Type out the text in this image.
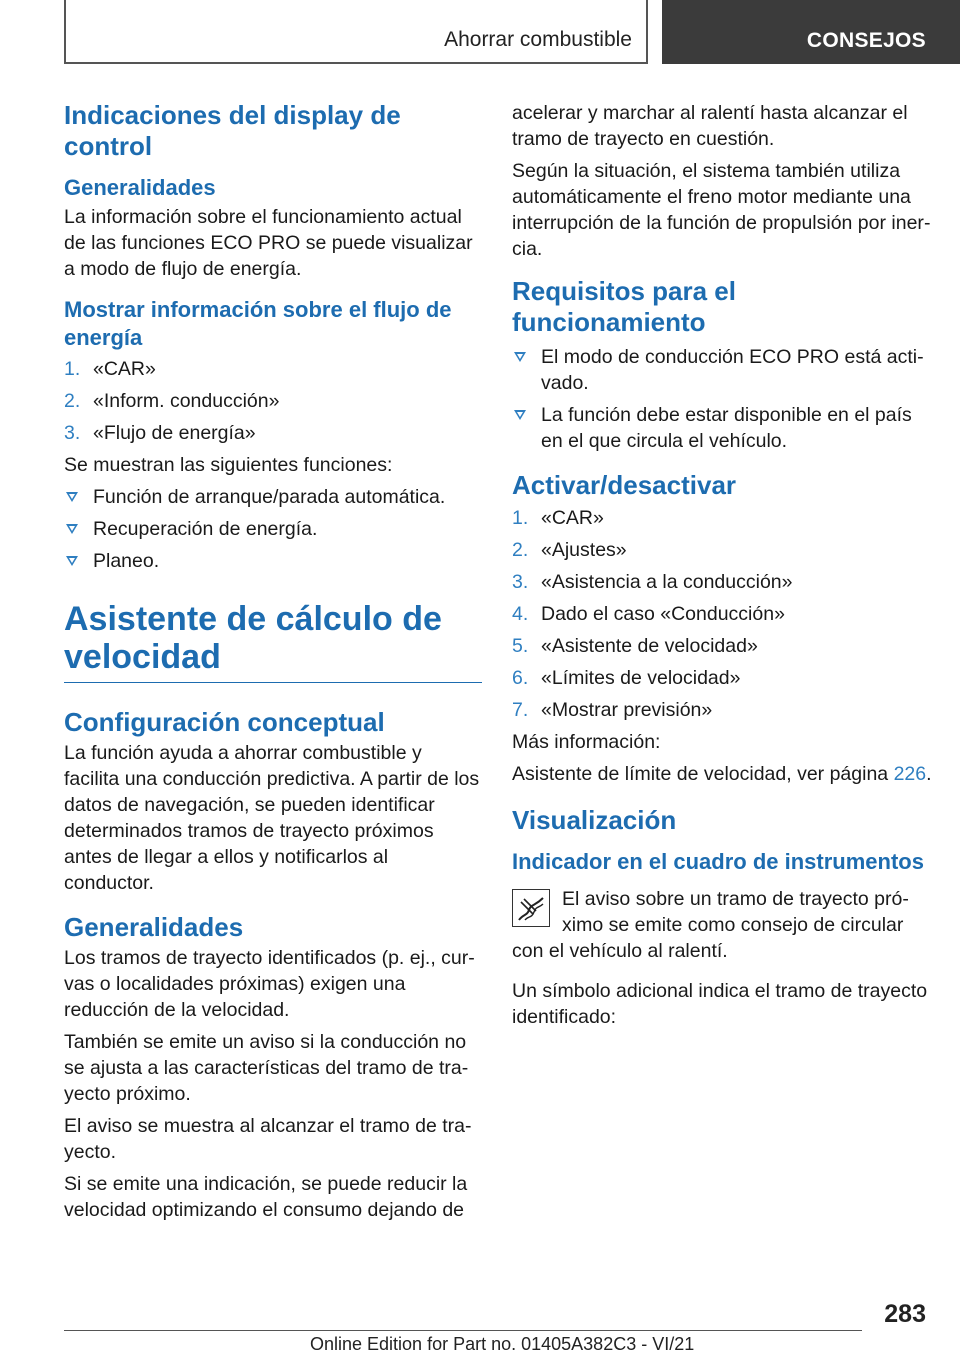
Ahorrar combustible	CONSEJOS
Indicaciones del display de control
Generalidades

La información sobre el funcionamiento actual de las funciones ECO PRO se puede visualizar a modo de flujo de energía.

Mostrar información sobre el flujo de energía
1. «CAR»
2. «Inform. conducción»
3. «Flujo de energía»

Se muestran las siguientes funciones:

Función de arranque/parada automática.
Recuperación de energía.
Planeo.
Asistente de cálculo de velocidad
Configuración conceptual

La función ayuda a ahorrar combustible y facilita una conducción predictiva. A partir de los datos de navegación, se pueden identificar determinados tramos de trayecto próximos antes de llegar a ellos y notificarlos al conductor.

Generalidades

Los tramos de trayecto identificados (p. ej., curvas o localidades próximas) exigen una reducción de la velocidad.

También se emite un aviso si la conducción no se ajusta a las características del tramo de trayecto próximo.

El aviso se muestra al alcanzar el tramo de trayecto.

Si se emite una indicación, se puede reducir la velocidad optimizando el consumo dejando de

acelerar y marchar al ralentí hasta alcanzar el tramo de trayecto en cuestión.

Según la situación, el sistema también utiliza automáticamente el freno motor mediante una interrupción de la función de propulsión por inercia.

Requisitos para el funcionamiento
El modo de conducción ECO PRO está activado.
La función debe estar disponible en el país en el que circula el vehículo.
Activar/desactivar
1. «CAR»
2. «Ajustes»
3. «Asistencia a la conducción»
4. Dado el caso «Conducción»
5. «Asistente de velocidad»
6. «Límites de velocidad»
7. «Mostrar previsión»

Más información:

Asistente de límite de velocidad, ver página 226.

Visualización
Indicador en el cuadro de instrumentos

El aviso sobre un tramo de trayecto próximo se emite como consejo de circular con el vehículo al ralentí.

Un símbolo adicional indica el tramo de trayecto identificado:

283
Online Edition for Part no. 01405A382C3 - VI/21
